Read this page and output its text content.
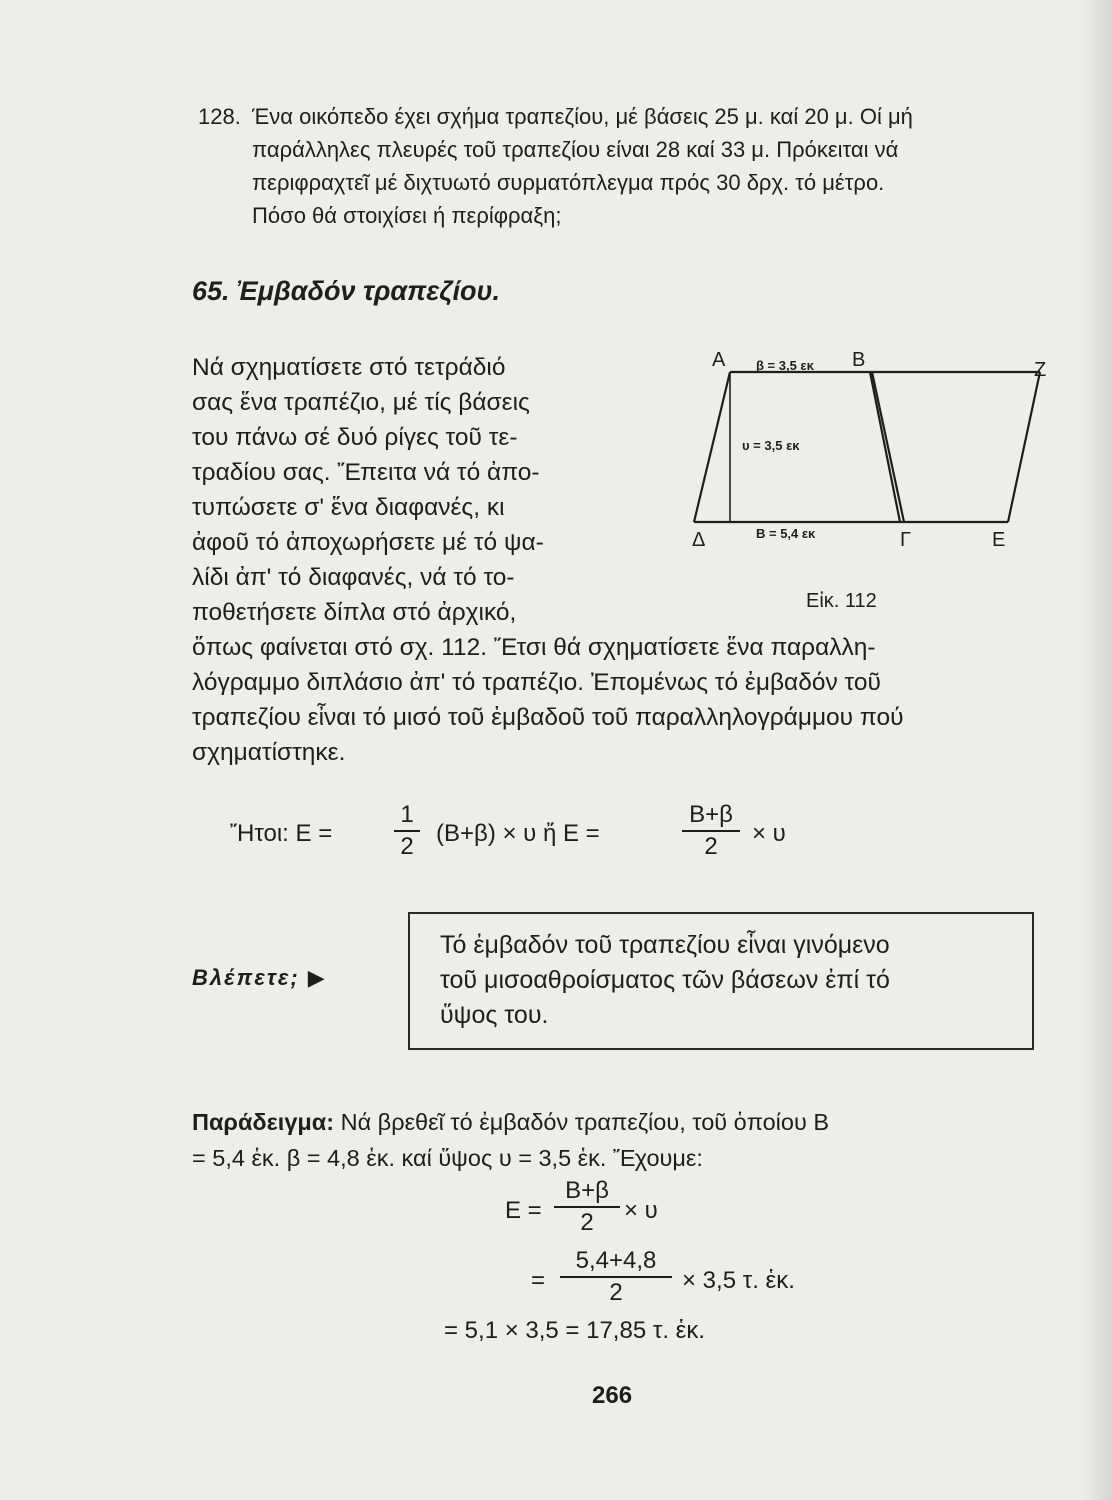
128. Ένα οικόπεδο έχει σχήμα τραπεζίου, μέ βάσεις 25 μ. καί 20 μ. Οί μή
παράλληλες πλευρές τοῦ τραπεζίου είναι 28 καί 33 μ. Πρόκειται νά
περιφραχτεῖ μέ διχτυωτό συρματόπλεγμα πρός 30 δρχ. τό μέτρο.
Πόσο θά στοιχίσει ή περίφραξη;
65. Ἐμβαδόν τραπεζίου.
Νά σχηματίσετε στό τετράδιό
σας ἕνα τραπέζιο, μέ τίς βάσεις
του πάνω σέ δυό ρίγες τοῦ τε-
τραδίου σας. Ἔπειτα νά τό ἀπο-
τυπώσετε σ' ἕνα διαφανές, κι
ἀφοῦ τό ἀποχωρήσετε μέ τό ψα-
λίδι ἀπ' τό διαφανές, νά τό το-
ποθετήσετε δίπλα στό ἀρχικό,
Α	Β	Ζ
Δ	Γ	Ε
β = 3,5 εκ
υ = 3,5 εκ
Β = 5,4 εκ
Εἰκ. 112
ὅπως φαίνεται στό σχ. 112. Ἔτσι θά σχηματίσετε ἕνα παραλλη-
λόγραμμο διπλάσιο ἀπ' τό τραπέζιο. Ἐπομένως τό ἐμβαδόν τοῦ
τραπεζίου εἶναι τό μισό τοῦ ἐμβαδοῦ τοῦ παραλληλογράμμου πού
σχηματίστηκε.
Ἤτοι: Ε =	$\frac{1}{2} (B+\beta) \times \upsilon$ ἤ Ε =	$\frac{B+\beta}{2} \times \upsilon$
Βλέπετε; ▶
Τό ἐμβαδόν τοῦ τραπεζίου εἶναι γινόμενο
τοῦ μισοαθροίσματος τῶν βάσεων ἐπί τό
ὕψος του.
Παράδειγμα: Νά βρεθεῖ τό ἐμβαδόν τραπεζίου, τοῦ ὁποίου Β
= 5,4 ἑκ. β = 4,8 ἑκ. καί ὕψος υ = 3,5 ἑκ. Ἔχουμε:
$E = \frac{B+\beta}{2} \times \upsilon$
= $\frac{5,4+4,8}{2} \times 3,5$ τ. ἑκ.
= 5,1 × 3,5 = 17,85 τ. ἑκ.
266
